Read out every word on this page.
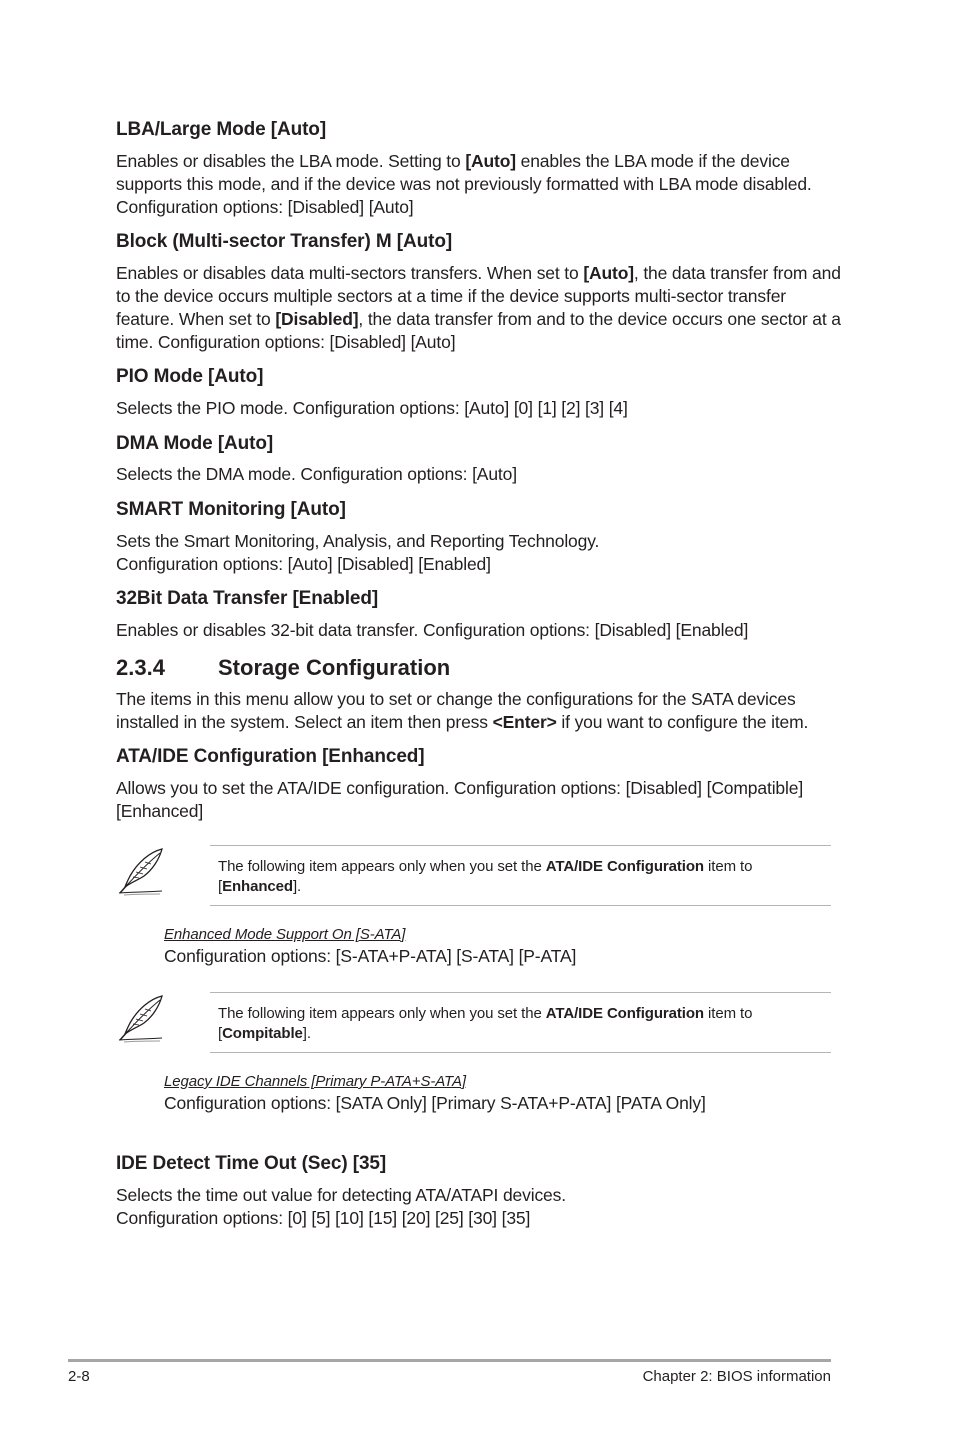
LBA/Large Mode [Auto]

Enables or disables the LBA mode. Setting to [Auto] enables the LBA mode if the device supports this mode, and if the device was not previously formatted with LBA mode disabled. Configuration options: [Disabled] [Auto]

Block (Multi-sector Transfer) M [Auto]

Enables or disables data multi-sectors transfers. When set to [Auto], the data transfer from and to the device occurs multiple sectors at a time if the device supports multi-sector transfer feature. When set to [Disabled], the data transfer from and to the device occurs one sector at a time. Configuration options: [Disabled] [Auto]

PIO Mode [Auto]

Selects the PIO mode. Configuration options: [Auto] [0] [1] [2] [3] [4]

DMA Mode [Auto]

Selects the DMA mode. Configuration options: [Auto]

SMART Monitoring [Auto]

Sets the Smart Monitoring, Analysis, and Reporting Technology.
Configuration options: [Auto] [Disabled] [Enabled]

32Bit Data Transfer [Enabled]

Enables or disables 32-bit data transfer. Configuration options: [Disabled] [Enabled]

2.3.4 Storage Configuration

The items in this menu allow you to set or change the configurations for the SATA devices installed in the system. Select an item then press <Enter> if you want to configure the item.

ATA/IDE Configuration [Enhanced]

Allows you to set the ATA/IDE configuration. Configuration options: [Disabled] [Compatible] [Enhanced]

The following item appears only when you set the ATA/IDE Configuration item to
[Enhanced].
Enhanced Mode Support On [S-ATA]
Configuration options: [S-ATA+P-ATA] [S-ATA] [P-ATA]
The following item appears only when you set the ATA/IDE Configuration item to
[Compitable].
Legacy IDE Channels [Primary P-ATA+S-ATA]
Configuration options: [SATA Only] [Primary S-ATA+P-ATA] [PATA Only]
IDE Detect Time Out (Sec) [35]

Selects the time out value for detecting ATA/ATAPI devices.
Configuration options: [0] [5] [10] [15] [20] [25] [30] [35]

2-8	Chapter 2: BIOS information
